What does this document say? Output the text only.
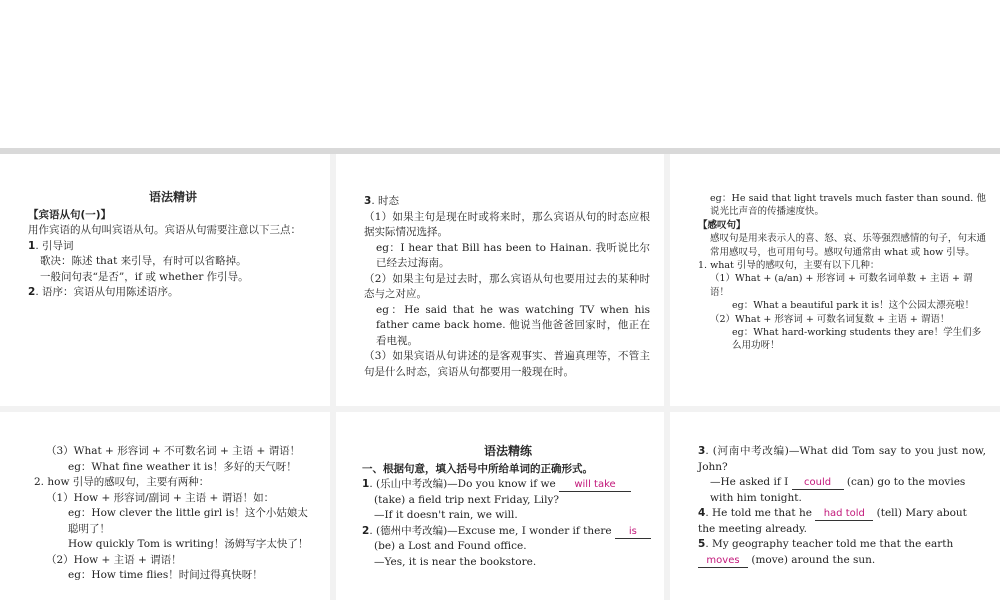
语法精讲
【宾语从句(一)】
用作宾语的从句叫宾语从句。宾语从句需要注意以下三点：
1. 引导词
歌决：陈述 that 来引导，有时可以省略掉。
一般问句表“是否”，if 或 whether 作引导。
2. 语序：宾语从句用陈述语序。
3. 时态
（1）如果主句是现在时或将来时，那么宾语从句的时态应根据实际情况选择。
eg：I hear that Bill has been to Hainan. 我听说比尔已经去过海南。
（2）如果主句是过去时，那么宾语从句也要用过去的某种时态与之对应。
eg：He said that he was watching TV when his father came back home. 他说当他爸爸回家时，他正在看电视。
（3）如果宾语从句讲述的是客观事实、普遍真理等，不管主句是什么时态，宾语从句都要用一般现在时。
eg：He said that light travels much faster than sound. 他说光比声音的传播速度快。
【感叹句】
感叹句是用来表示人的喜、怒、哀、乐等强烈感情的句子，句末通常用感叹号，也可用句号。感叹句通常由 what 或 how 引导。
1. what 引导的感叹句，主要有以下几种：
（1）What + (a/an) + 形容词 + 可数名词单数 + 主语 + 谓语！
eg：What a beautiful park it is！这个公园太漂亮啦！
（2）What + 形容词 + 可数名词复数 + 主语 + 谓语！
eg：What hard-working students they are！学生们多么用功呀！
（3）What + 形容词 + 不可数名词 + 主语 + 谓语！
eg：What fine weather it is！多好的天气呀！
2. how 引导的感叹句，主要有两种：
（1）How + 形容词/副词 + 主语 + 谓语！如：
eg：How clever the little girl is！这个小姑娘太聪明了！
How quickly Tom is writing！汤姆写字太快了！
（2）How + 主语 + 谓语！
eg：How time flies！时间过得真快呀！
语法精练
一、根据句意，填入括号中所给单词的正确形式。
1. (乐山中考改编)—Do you know if we will take
(take) a field trip next Friday, Lily?
—If it doesn't rain, we will.
2. (德州中考改编)—Excuse me, I wonder if there is
(be) a Lost and Found office.
—Yes, it is near the bookstore.
3. (河南中考改编)—What did Tom say to you just now, John?
—He asked if I could (can) go to the movies with him tonight.
4. He told me that he had told (tell) Mary about the meeting already.
5. My geography teacher told me that the earth moves (move) around the sun.
